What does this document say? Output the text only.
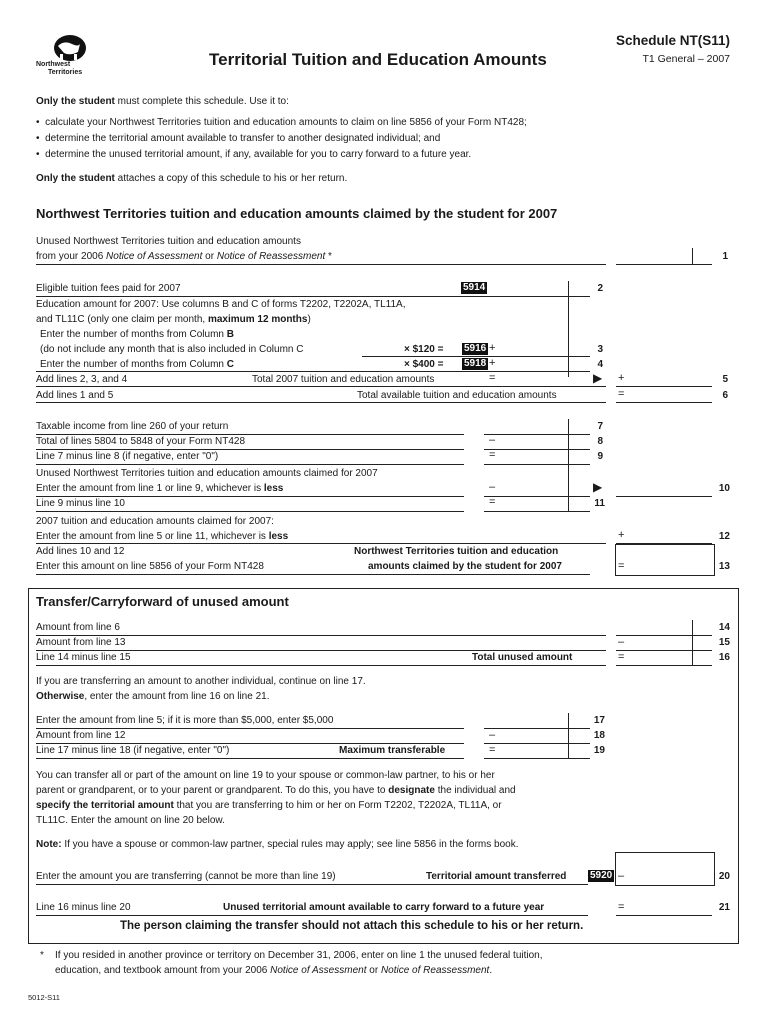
Northwest
Territories
Territorial Tuition and Education Amounts
Schedule NT(S11)
T1 General – 2007
Only the student must complete this schedule. Use it to:
•  calculate your Northwest Territories tuition and education amounts to claim on line 5856 of your Form NT428;
•  determine the territorial amount available to transfer to another designated individual; and
•  determine the unused territorial amount, if any, available for you to carry forward to a future year.
Only the student attaches a copy of this schedule to his or her return.
Northwest Territories tuition and education amounts claimed by the student for 2007
Unused Northwest Territories tuition and education amounts
from your 2006 Notice of Assessment or Notice of Reassessment *	1
Eligible tuition fees paid for 2007	5914	2
Education amount for 2007: Use columns B and C of forms T2202, T2202A, TL11A,
and TL11C (only one claim per month, maximum 12 months)
Enter the number of months from Column B
(do not include any month that is also included in Column C	× $120 = 5916 +	3
Enter the number of months from Column C	× $400 = 5918 +	4
Add lines 2, 3, and 4	Total 2007 tuition and education amounts	=	▶ +	5
Add lines 1 and 5	Total available tuition and education amounts	=	6
Taxable income from line 260 of your return	7
Total of lines 5804 to 5848 of your Form NT428	–	8
Line 7 minus line 8 (if negative, enter "0")	=	9
Unused Northwest Territories tuition and education amounts claimed for 2007
Enter the amount from line 1 or line 9, whichever is less	–	▶	10
Line 9 minus line 10	=	11
2007 tuition and education amounts claimed for 2007:
Enter the amount from line 5 or line 11, whichever is less	+	12
Add lines 10 and 12
Enter this amount on line 5856 of your Form NT428
Northwest Territories tuition and education
amounts claimed by the student for 2007	=	13
Transfer/Carryforward of unused amount
Amount from line 6	14
Amount from line 13	–	15
Line 14 minus line 15	Total unused amount	=	16
If you are transferring an amount to another individual, continue on line 17.
Otherwise, enter the amount from line 16 on line 21.
Enter the amount from line 5; if it is more than $5,000, enter $5,000	17
Amount from line 12	–	18
Line 17 minus line 18 (if negative, enter "0")	Maximum transferable	=	19
You can transfer all or part of the amount on line 19 to your spouse or common-law partner, to his or her
parent or grandparent, or to your parent or grandparent. To do this, you have to designate the individual and
specify the territorial amount that you are transferring to him or her on Form T2202, T2202A, TL11A, or
TL11C. Enter the amount on line 20 below.
Note: If you have a spouse or common-law partner, special rules may apply; see line 5856 in the forms book.
Enter the amount you are transferring (cannot be more than line 19)	Territorial amount transferred 5920 –	20
Line 16 minus line 20	Unused territorial amount available to carry forward to a future year	=	21
The person claiming the transfer should not attach this schedule to his or her return.
* If you resided in another province or territory on December 31, 2006, enter on line 1 the unused federal tuition,
education, and textbook amount from your 2006 Notice of Assessment or Notice of Reassessment.
5012-S11
